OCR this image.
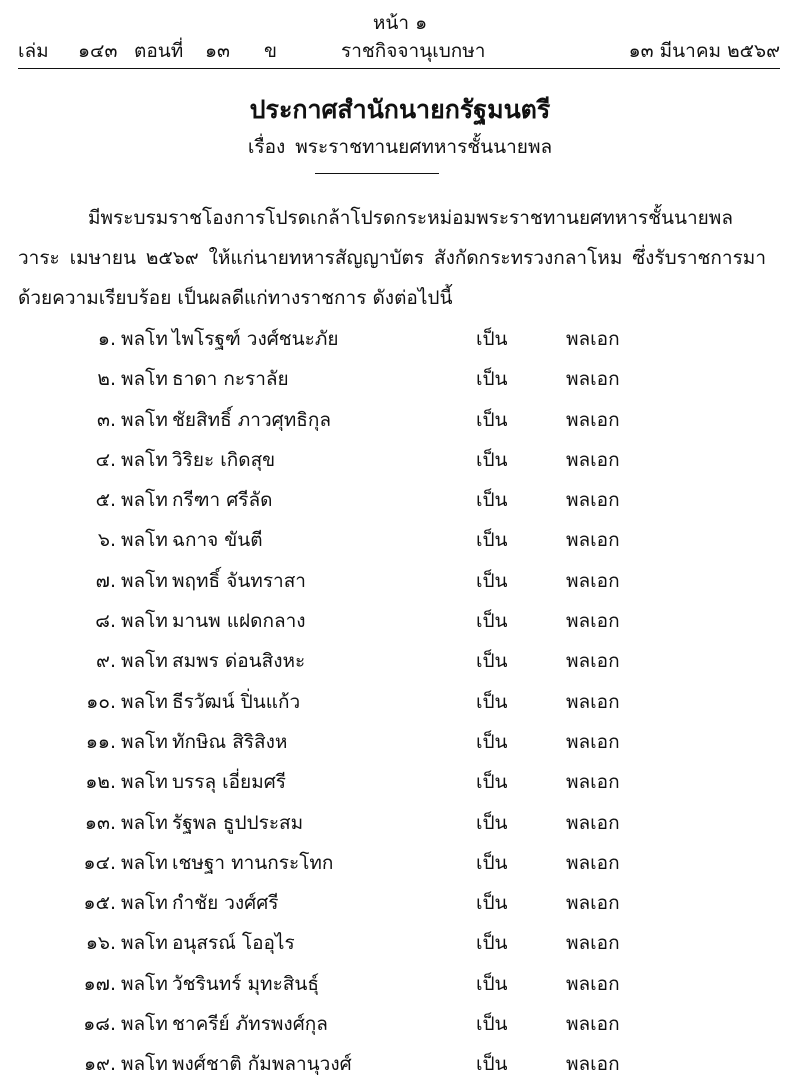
หน้า ๑
เล่ม ๑๔๓ ตอนที่ ๑๓ ข	ราชกิจจานุเบกษา	๑๓ มีนาคม ๒๕๖๙
ประกาศสำนักนายกรัฐมนตรี
เรื่อง พระราชทานยศทหารชั้นนายพล

มีพระบรมราชโองการโปรดเกล้าโปรดกระหม่อมพระราชทานยศทหารชั้นนายพล วาระ เมษายน ๒๕๖๙ ให้แก่นายทหารสัญญาบัตร สังกัดกระทรวงกลาโหม ซึ่งรับราชการมาด้วยความเรียบร้อย เป็นผลดีแก่ทางราชการ ดังต่อไปนี้

๑. พลโท ไพโรฐฑ์ วงศ์ชนะภัย	เป็น	พลเอก
๒. พลโท ธาดา กะราลัย	เป็น	พลเอก
๓. พลโท ชัยสิทธิ์ ภาวศุทธิกุล	เป็น	พลเอก
๔. พลโท วิริยะ เกิดสุข	เป็น	พลเอก
๕. พลโท กรีฑา ศรีลัด	เป็น	พลเอก
๖. พลโท ฉกาจ ขันตี	เป็น	พลเอก
๗. พลโท พฤทธิ์ จันทราสา	เป็น	พลเอก
๘. พลโท มานพ แฝดกลาง	เป็น	พลเอก
๙. พลโท สมพร ด่อนสิงหะ	เป็น	พลเอก
๑๐. พลโท ธีรวัฒน์ ปิ่นแก้ว	เป็น	พลเอก
๑๑. พลโท ทักษิณ สิริสิงห	เป็น	พลเอก
๑๒. พลโท บรรลุ เอี่ยมศรี	เป็น	พลเอก
๑๓. พลโท รัฐพล ธูปประสม	เป็น	พลเอก
๑๔. พลโท เชษฐา ทานกระโทก	เป็น	พลเอก
๑๕. พลโท กำชัย วงศ์ศรี	เป็น	พลเอก
๑๖. พลโท อนุสรณ์ โออุไร	เป็น	พลเอก
๑๗. พลโท วัชรินทร์ มุทะสินธุ์	เป็น	พลเอก
๑๘. พลโท ชาครีย์ ภัทรพงศ์กุล	เป็น	พลเอก
๑๙. พลโท พงศ์ชาติ กัมพลานุวงศ์	เป็น	พลเอก
